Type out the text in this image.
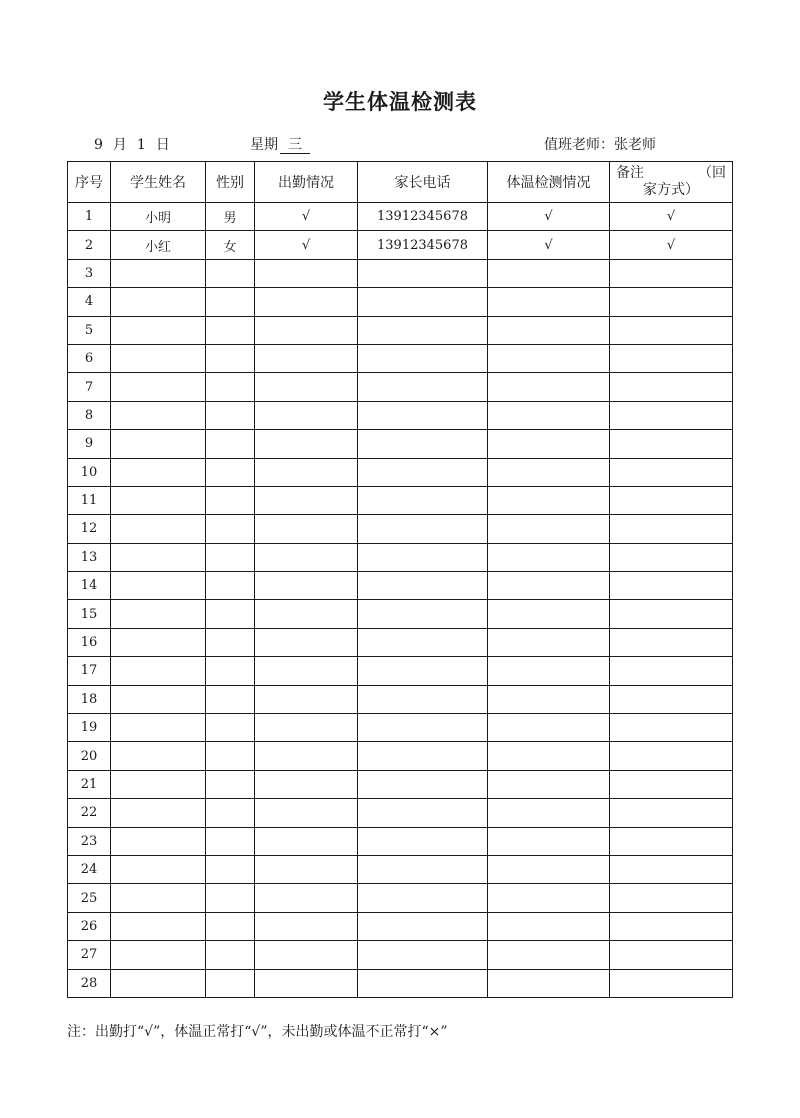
学生体温检测表
9 月 1 日	星期 三	值班老师：张老师
序号	学生姓名	性别	出勤情况	家长电话	体温检测情况	备注 （回
家方式）

1	小明	男	√	13912345678	√	√
2	小红	女	√	13912345678	√	√
3						
4						
5						
6						
7						
8						
9						
10						
11						
12						
13						
14						
15						
16						
17						
18						
19						
20						
21						
22						
23						
24						
25						
26						
27						
28						
注：出勤打“√”，体温正常打“√”，未出勤或体温不正常打“×”
